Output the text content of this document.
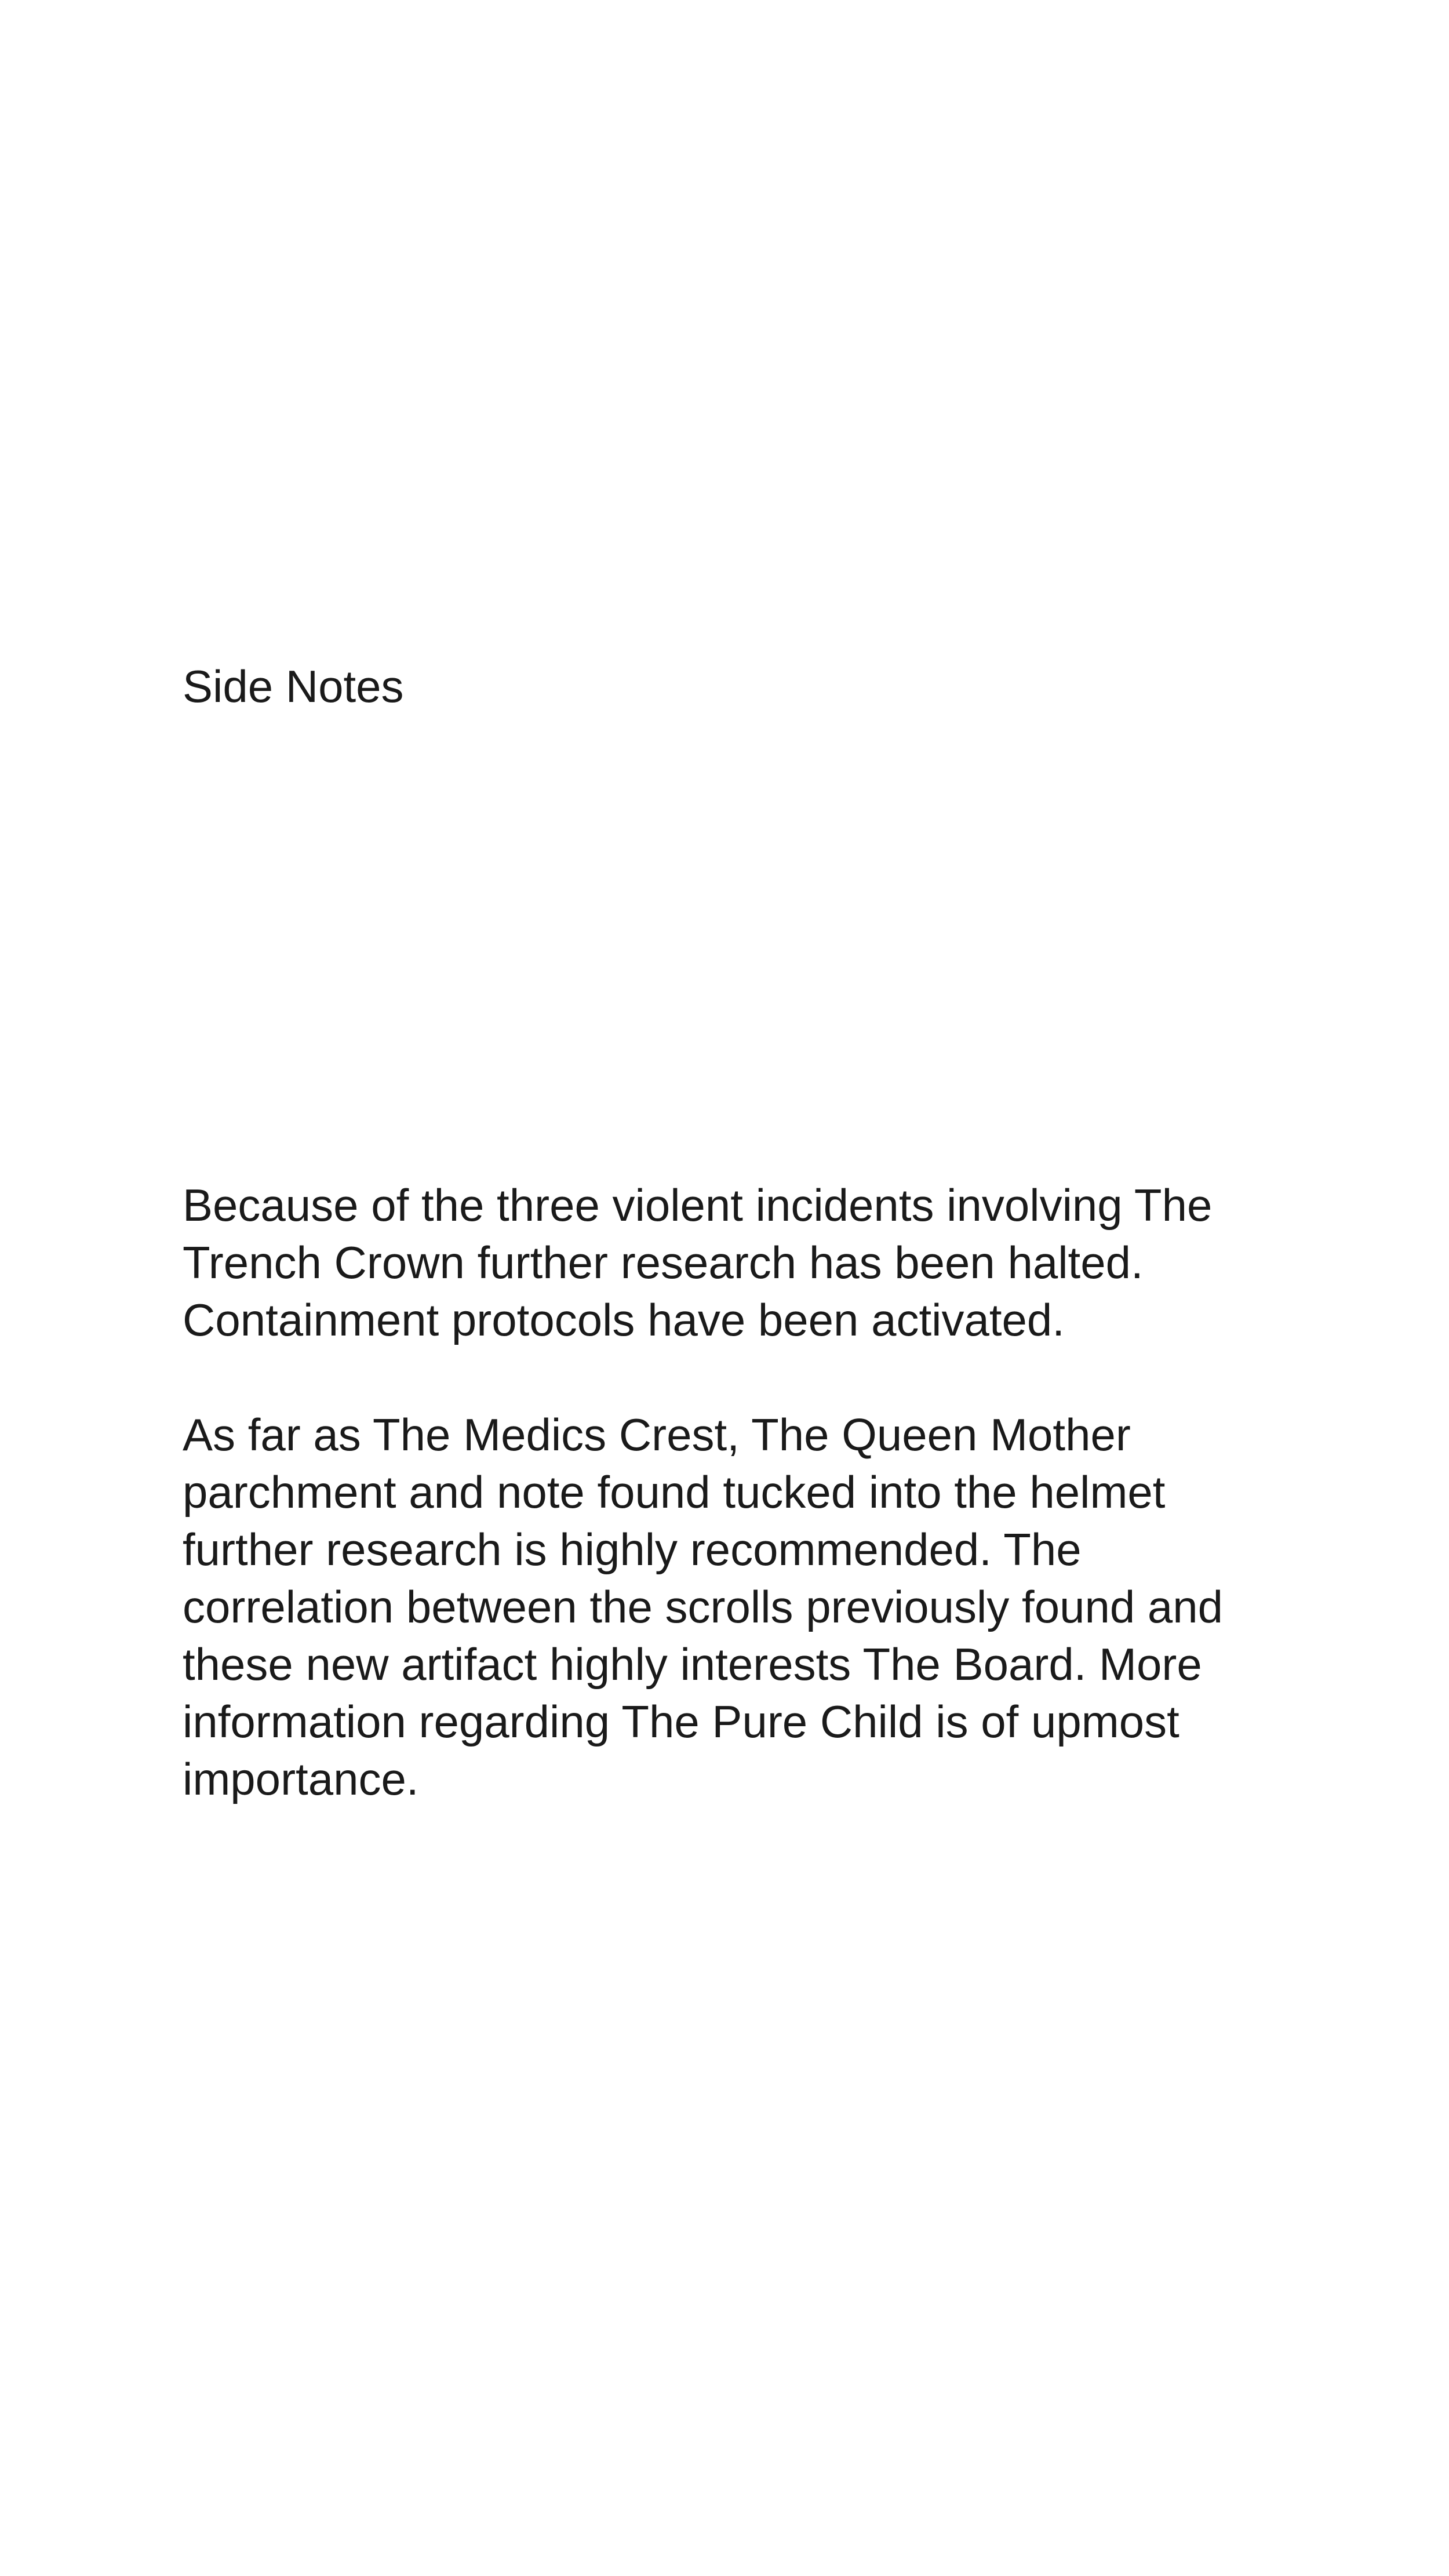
Side Notes

Because of the three violent incidents involving The Trench Crown further research has been halted. Containment protocols have been activated.

As far as The Medics Crest, The Queen Mother parchment and note found tucked into the helmet further research is highly recommended. The correlation between the scrolls previously found and these new artifact highly interests The Board. More information regarding The Pure Child is of upmost importance.
